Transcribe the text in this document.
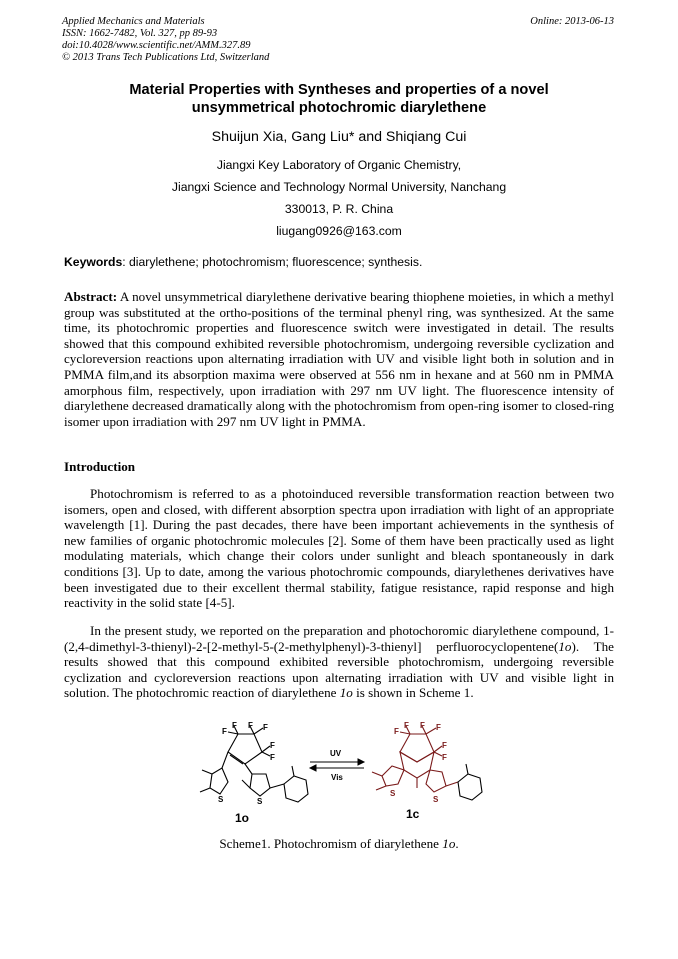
Applied Mechanics and Materials
ISSN: 1662-7482, Vol. 327, pp 89-93
doi:10.4028/www.scientific.net/AMM.327.89
© 2013 Trans Tech Publications Ltd, Switzerland
Online: 2013-06-13
Material Properties with Syntheses and properties of a novel
unsymmetrical photochromic diarylethene
Shuijun Xia, Gang Liu* and Shiqiang Cui
Jiangxi Key Laboratory of Organic Chemistry,
Jiangxi Science and Technology Normal University, Nanchang
330013, P. R. China
liugang0926@163.com
Keywords: diarylethene; photochromism; fluorescence; synthesis.
Abstract: A novel unsymmetrical diarylethene derivative bearing thiophene moieties, in which a methyl group was substituted at the ortho-positions of the terminal phenyl ring, was synthesized. At the same time, its photochromic properties and fluorescence switch were investigated in detail. The results showed that this compound exhibited reversible photochromism, undergoing reversible cyclization and cycloreversion reactions upon alternating irradiation with UV and visible light both in solution and in PMMA film,and its absorption maxima were observed at 556 nm in hexane and at 560 nm in PMMA amorphous film, respectively, upon irradiation with 297 nm UV light. The fluorescence intensity of diarylethene decreased dramatically along with the photochromism from open-ring isomer to closed-ring isomer upon irradiation with 297 nm UV light in PMMA.
Introduction
Photochromism is referred to as a photoinduced reversible transformation reaction between two isomers, open and closed, with different absorption spectra upon irradiation with light of an appropriate wavelength [1]. During the past decades, there have been important achievements in the synthesis of new families of organic photochromic molecules [2]. Some of them have been practically used as light modulating materials, which change their colors under sunlight and bleach spontaneously in dark conditions [3]. Up to date, among the various photochromic compounds, diarylethenes derivatives have been investigated due to their excellent thermal stability, fatigue resistance, rapid response and high reactivity in the solid state [4-5].
In the present study, we reported on the preparation and photochoromic diarylethene compound, 1-(2,4-dimethyl-3-thienyl)-2-[2-methyl-5-(2-methylphenyl)-3-thienyl] perfluorocyclopentene(1o). The results showed that this compound exhibited reversible photochromism, undergoing reversible cyclization and cycloreversion reactions upon alternating irradiation with UV and visible light in solution. The photochromic reaction of diarylethene 1o is shown in Scheme 1.
F
F
F F
F
F
S	S
1o
UV
Vis
F
F
F F
F
F
S
S
1c
Scheme1. Photochromism of diarylethene 1o.
